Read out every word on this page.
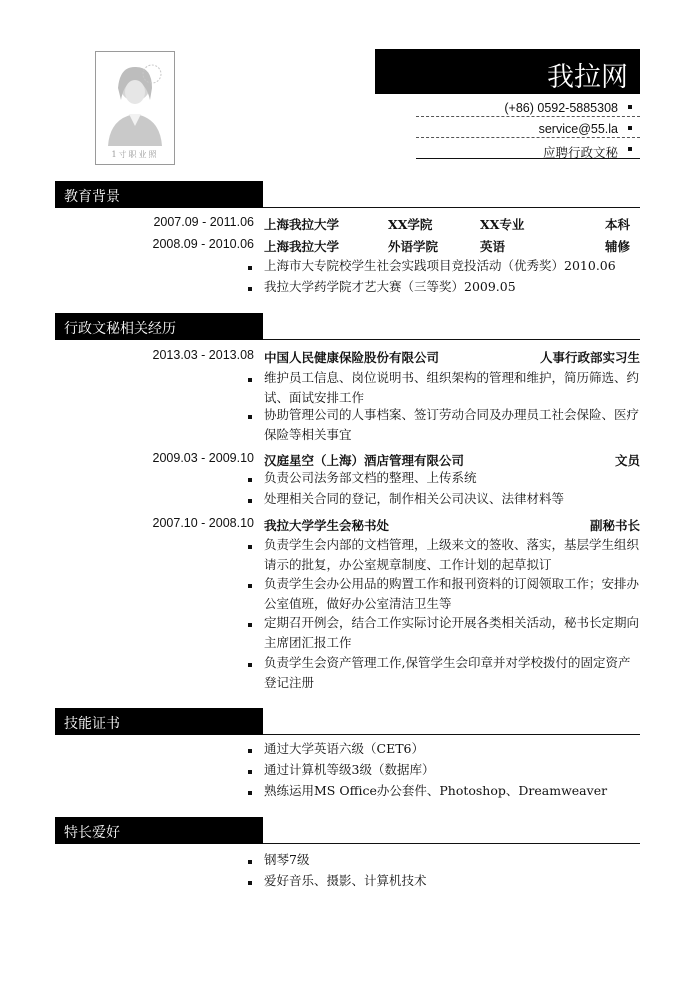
1寸职业照
我拉网
(+86) 0592-5885308
service@55.la
应聘行政文秘
教育背景
2007.09 - 2011.06 上海我拉大学	XX学院	XX专业	本科
2008.09 - 2010.06 上海我拉大学	外语学院	英语	辅修
上海市大专院校学生社会实践项目竞投活动（优秀奖）2010.06
我拉大学药学院才艺大赛（三等奖）2009.05
行政文秘相关经历
2013.03 - 2013.08 中国人民健康保险股份有限公司	人事行政部实习生
维护员工信息、岗位说明书、组织架构的管理和维护，简历筛选、约试、面试安排工作
协助管理公司的人事档案、签订劳动合同及办理员工社会保险、医疗保险等相关事宜
2009.03 - 2009.10 汉庭星空（上海）酒店管理有限公司	文员
负责公司法务部文档的整理、上传系统
处理相关合同的登记，制作相关公司决议、法律材料等
2007.10 - 2008.10 我拉大学学生会秘书处	副秘书长
负责学生会内部的文档管理，上级来文的签收、落实，基层学生组织请示的批复，办公室规章制度、工作计划的起草拟订
负责学生会办公用品的购置工作和报刊资料的订阅领取工作；安排办公室值班，做好办公室清洁卫生等
定期召开例会，结合工作实际讨论开展各类相关活动，秘书长定期向主席团汇报工作
负责学生会资产管理工作,保管学生会印章并对学校拨付的固定资产登记注册
技能证书
通过大学英语六级（CET6）
通过计算机等级3级（数据库）
熟练运用MS Office办公套件、Photoshop、Dreamweaver
特长爱好
钢琴7级
爱好音乐、摄影、计算机技术
